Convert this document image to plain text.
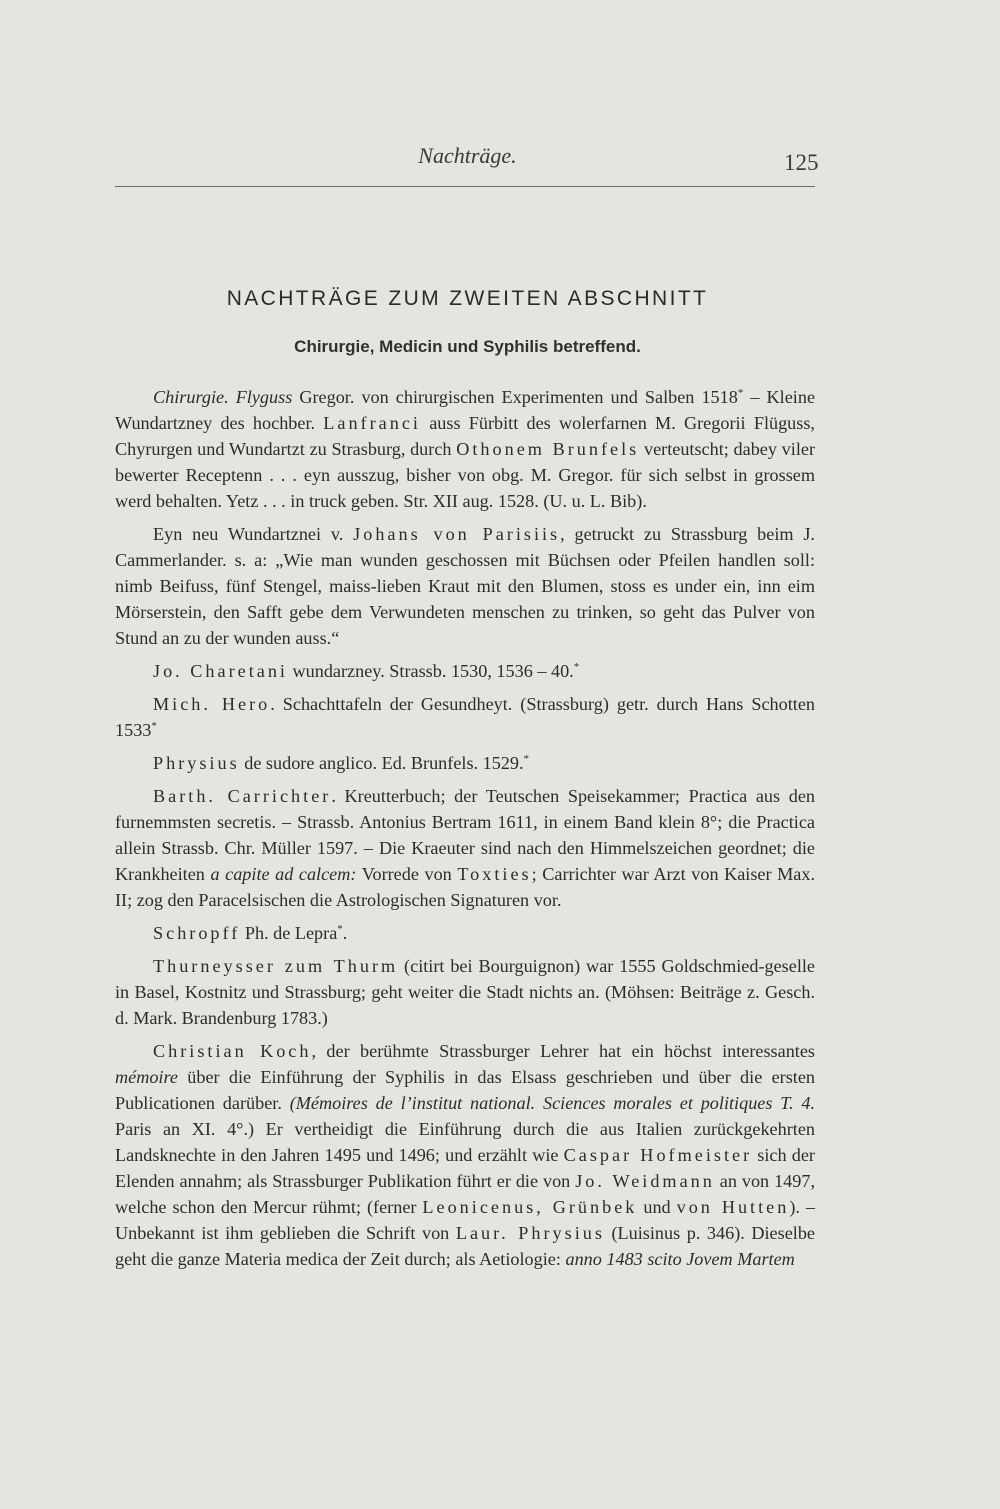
Nachträge.	125
NACHTRÄGE ZUM ZWEITEN ABSCHNITT
Chirurgie, Medicin und Syphilis betreffend.

Chirurgie. Flyguss Gregor. von chirurgischen Experimenten und Salben 1518* – Kleine Wundartzney des hochber. Lanfranci auss Fürbitt des wolerfarnen M. Gregorii Flüguss, Chyrurgen und Wundartzt zu Strasburg, durch Othonem Brunfels verteutscht; dabey viler bewerter Receptenn . . . eyn ausszug, bisher von obg. M. Gregor. für sich selbst in grossem werd behalten. Yetz . . . in truck geben. Str. XII aug. 1528. (U. u. L. Bib).

Eyn neu Wundartznei v. Johans von Parisiis, getruckt zu Strassburg beim J. Cammerlander. s. a: „Wie man wunden geschossen mit Büchsen oder Pfeilen handlen soll: nimb Beifuss, fünf Stengel, maiss-lieben Kraut mit den Blumen, stoss es under ein, inn eim Mörserstein, den Safft gebe dem Verwundeten menschen zu trinken, so geht das Pulver von Stund an zu der wunden auss.“

Jo. Charetani wundarzney. Strassb. 1530, 1536 – 40.*

Mich. Hero. Schachttafeln der Gesundheyt. (Strassburg) getr. durch Hans Schotten 1533*

Phrysius de sudore anglico. Ed. Brunfels. 1529.*

Barth. Carrichter. Kreutterbuch; der Teutschen Speisekammer; Practica aus den furnemmsten secretis. – Strassb. Antonius Bertram 1611, in einem Band klein 8°; die Practica allein Strassb. Chr. Müller 1597. – Die Kraeuter sind nach den Himmelszeichen geordnet; die Krankheiten a capite ad calcem: Vorrede von Toxties; Carrichter war Arzt von Kaiser Max. II; zog den Paracelsischen die Astrologischen Signaturen vor.

Schropff Ph. de Lepra*.

Thurneysser zum Thurm (citirt bei Bourguignon) war 1555 Goldschmied-geselle in Basel, Kostnitz und Strassburg; geht weiter die Stadt nichts an. (Möhsen: Beiträge z. Gesch. d. Mark. Brandenburg 1783.)

Christian Koch, der berühmte Strassburger Lehrer hat ein höchst interessantes mémoire über die Einführung der Syphilis in das Elsass geschrieben und über die ersten Publicationen darüber. (Mémoires de l’institut national. Sciences morales et politiques T. 4. Paris an XI. 4°.) Er vertheidigt die Einführung durch die aus Italien zurückgekehrten Landsknechte in den Jahren 1495 und 1496; und erzählt wie Caspar Hofmeister sich der Elenden annahm; als Strassburger Publikation führt er die von Jo. Weidmann an von 1497, welche schon den Mercur rühmt; (ferner Leonicenus, Grünbek und von Hutten). – Unbekannt ist ihm geblieben die Schrift von Laur. Phrysius (Luisinus p. 346). Dieselbe geht die ganze Materia medica der Zeit durch; als Aetiologie: anno 1483 scito Jovem Martem
